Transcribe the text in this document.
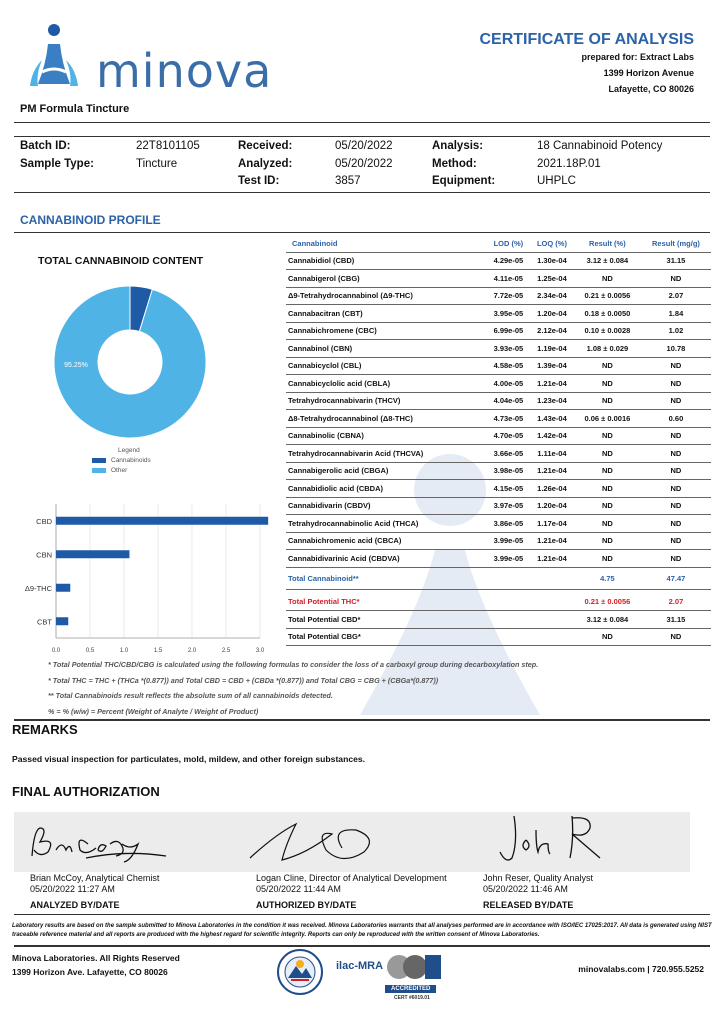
minova
CERTIFICATE OF ANALYSIS
prepared for: Extract Labs
1399 Horizon Avenue
Lafayette, CO 80026
PM Formula Tincture
Batch ID:	22T8101105	Received:	05/20/2022	Analysis:	18 Cannabinoid Potency
Sample Type:	Tincture	Analyzed:	05/20/2022	Method:	2021.18P.01
Test ID:	3857	Equipment:	UHPLC
CANNABINOID PROFILE
TOTAL CANNABINOID CONTENT
95.25%
Legend
Cannabinoids
Other
0.0	0.5	1.0	1.5	2.0	2.5	3.0
CBD
CBN
Δ9-THC
CBT
Cannabinoid	LOD (%)	LOQ (%)	Result (%)	Result (mg/g)
Cannabidiol (CBD)	4.29e-05	1.30e-04	3.12 ± 0.084	31.15
Cannabigerol (CBG)	4.11e-05	1.25e-04	ND	ND
Δ9-Tetrahydrocannabinol (Δ9-THC)	7.72e-05	2.34e-04	0.21 ± 0.0056	2.07
Cannabacitran (CBT)	3.95e-05	1.20e-04	0.18 ± 0.0050	1.84
Cannabichromene (CBC)	6.99e-05	2.12e-04	0.10 ± 0.0028	1.02
Cannabinol (CBN)	3.93e-05	1.19e-04	1.08 ± 0.029	10.78
Cannabicyclol (CBL)	4.58e-05	1.39e-04	ND	ND
Cannabicyclolic acid (CBLA)	4.00e-05	1.21e-04	ND	ND
Tetrahydrocannabivarin (THCV)	4.04e-05	1.23e-04	ND	ND
Δ8-Tetrahydrocannabinol (Δ8-THC)	4.73e-05	1.43e-04	0.06 ± 0.0016	0.60
Cannabinolic (CBNA)	4.70e-05	1.42e-04	ND	ND
Tetrahydrocannabivarin Acid (THCVA)	3.66e-05	1.11e-04	ND	ND
Cannabigerolic acid (CBGA)	3.98e-05	1.21e-04	ND	ND
Cannabidiolic acid (CBDA)	4.15e-05	1.26e-04	ND	ND
Cannabidivarin (CBDV)	3.97e-05	1.20e-04	ND	ND
Tetrahydrocannabinolic Acid (THCA)	3.86e-05	1.17e-04	ND	ND
Cannabichromenic acid (CBCA)	3.99e-05	1.21e-04	ND	ND
Cannabidivarinic Acid (CBDVA)	3.99e-05	1.21e-04	ND	ND
Total Cannabinoid**			4.75	47.47

Total Potential THC*			0.21 ± 0.0056	2.07
Total Potential CBD*			3.12 ± 0.084	31.15
Total Potential CBG*			ND	ND
* Total Potential THC/CBD/CBG is calculated using the following formulas to consider the loss of a carboxyl group during decarboxylation step.
* Total THC = THC + (THCa *(0.877)) and Total CBD = CBD + (CBDa *(0.877)) and Total CBG = CBG + (CBGa*(0.877))
** Total Cannabinoids result reflects the absolute sum of all cannabinoids detected.
% = % (w/w) = Percent (Weight of Analyte / Weight of Product)
REMARKS
Passed visual inspection for particulates, mold, mildew, and other foreign substances.
FINAL AUTHORIZATION
Brian McCoy, Analytical Chemist
05/20/2022 11:27 AM
ANALYZED BY/DATE
Logan Cline, Director of Analytical Development
05/20/2022 11:44 AM
AUTHORIZED BY/DATE
John Reser, Quality Analyst
05/20/2022 11:46 AM
RELEASED BY/DATE
Laboratory results are based on the sample submitted to Minova Laboratories in the condition it was received. Minova Laboratories warrants that all analyses performed are in accordance with ISO/IEC 17025:2017. All data is generated using NIST traceable reference material and all reports are produced with the highest regard for scientific integrity. Reports can only be reproduced with the written consent of Minova Laboratories.
Minova Laboratories. All Rights Reserved
1399 Horizon Ave. Lafayette, CO 80026	minovalabs.com | 720.955.5252
ilac-MRA
ACCREDITED
CERT #6019.01
